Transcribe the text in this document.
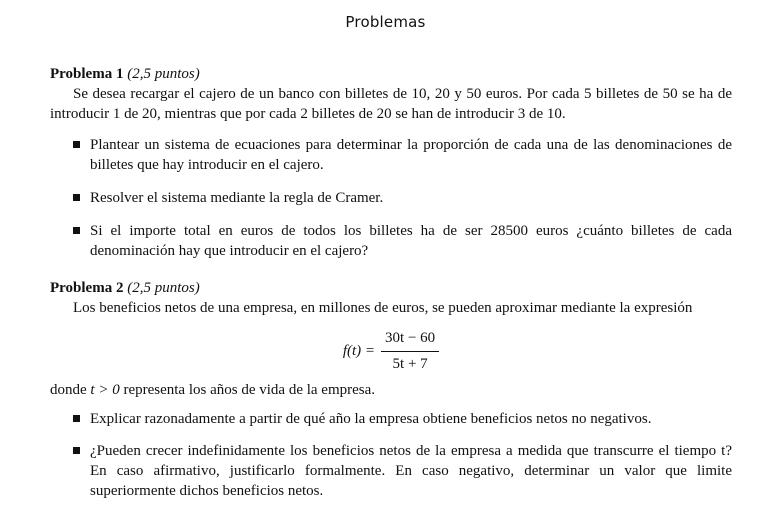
Problemas
Problema 1 (2,5 puntos)
Se desea recargar el cajero de un banco con billetes de 10, 20 y 50 euros. Por cada 5 billetes de 50 se ha de introducir 1 de 20, mientras que por cada 2 billetes de 20 se han de introducir 3 de 10.
Plantear un sistema de ecuaciones para determinar la proporción de cada una de las denominaciones de billetes que hay introducir en el cajero.
Resolver el sistema mediante la regla de Cramer.
Si el importe total en euros de todos los billetes ha de ser 28500 euros ¿cuánto billetes de cada denominación hay que introducir en el cajero?
Problema 2 (2,5 puntos)
Los beneficios netos de una empresa, en millones de euros, se pueden aproximar mediante la expresión
$f(t) = \frac{30t - 60}{5t + 7}$
donde t > 0 representa los años de vida de la empresa.
Explicar razonadamente a partir de qué año la empresa obtiene beneficios netos no negativos.
¿Pueden crecer indefinidamente los beneficios netos de la empresa a medida que transcurre el tiempo t? En caso afirmativo, justificarlo formalmente. En caso negativo, determinar un valor que limite superiormente dichos beneficios netos.
